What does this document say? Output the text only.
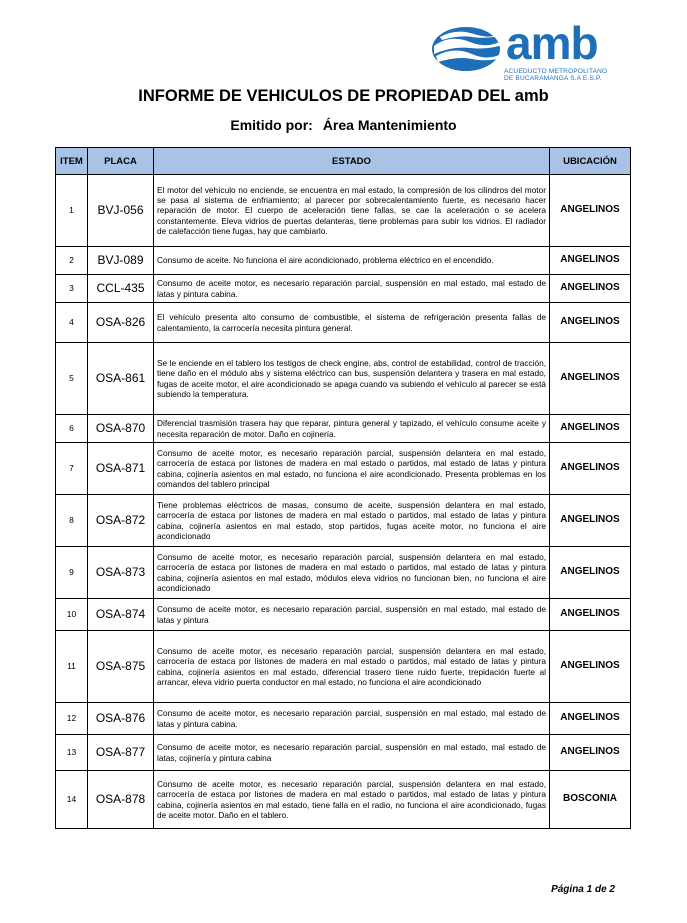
amb
ACUEDUCTO METROPOLITANO
DE BUCARAMANGA S.A E.S.P.
INFORME DE VEHICULOS DE PROPIEDAD DEL amb
Emitido por: Área Mantenimiento
ITEM	PLACA	ESTADO	UBICACIÓN
1	BVJ-056	El motor del vehículo no enciende, se encuentra en mal estado, la compresión de los cilindros del motor se pasa al sistema de enfriamiento; al parecer por sobrecalentamiento fuerte, es necesario hacer reparación de motor. El cuerpo de aceleración tiene fallas, se cae la aceleración o se acelera constantemente. Eleva vidrios de puertas delanteras, tiene problemas para subir los vidrios. El radiador de calefacción tiene fugas, hay que cambiarlo.	ANGELINOS
2	BVJ-089	Consumo de aceite. No funciona el aire acondicionado, problema eléctrico en el encendido.	ANGELINOS
3	CCL-435	Consumo de aceite motor, es necesario reparación parcial, suspensión en mal estado, mal estado de latas y pintura cabina.	ANGELINOS
4	OSA-826	El vehículo presenta alto consumo de combustible, el sistema de refrigeración presenta fallas de calentamiento, la carrocería necesita pintura general.	ANGELINOS
5	OSA-861	Se le enciende en el tablero los testigos de check engine, abs, control de estabilidad, control de tracción, tiene daño en el módulo abs y sistema eléctrico can bus, suspensión delantera y trasera en mal estado, fugas de aceite motor, el aire acondicionado se apaga cuando va subiendo el vehículo al parecer se está subiendo la temperatura.	ANGELINOS
6	OSA-870	Diferencial trasmisión trasera hay que reparar, pintura general y tapizado, el vehículo consume aceite y necesita reparación de motor. Daño en cojinería.	ANGELINOS
7	OSA-871	Consumo de aceite motor, es necesario reparación parcial, suspensión delantera en mal estado, carrocería de estaca por listones de madera en mal estado o partidos, mal estado de latas y pintura cabina, cojinería asientos en mal estado, no funciona el aire acondicionado. Presenta problemas en los comandos del tablero principal	ANGELINOS
8	OSA-872	Tiene problemas eléctricos de masas, consumo de aceite, suspensión delantera en mal estado, carrocería de estaca por listones de madera en mal estado o partidos, mal estado de latas y pintura cabina, cojinería asientos en mal estado, stop partidos, fugas aceite motor, no funciona el aire acondicionado	ANGELINOS
9	OSA-873	Consumo de aceite motor, es necesario reparación parcial, suspensión delantera en mal estado, carrocería de estaca por listones de madera en mal estado o partidos, mal estado de latas y pintura cabina, cojinería asientos en mal estado, módulos eleva vidrios no funcionan bien, no funciona el aire acondicionado	ANGELINOS
10	OSA-874	Consumo de aceite motor, es necesario reparación parcial, suspensión en mal estado, mal estado de latas y pintura	ANGELINOS
11	OSA-875	Consumo de aceite motor, es necesario reparación parcial, suspensión delantera en mal estado, carrocería de estaca por listones de madera en mal estado o partidos, mal estado de latas y pintura cabina, cojinería asientos en mal estado, diferencial trasero tiene ruido fuerte, trepidación fuerte al arrancar, eleva vidrio puerta conductor en mal estado, no funciona el aire acondicionado	ANGELINOS
12	OSA-876	Consumo de aceite motor, es necesario reparación parcial, suspensión en mal estado, mal estado de latas y pintura cabina.	ANGELINOS
13	OSA-877	Consumo de aceite motor, es necesario reparación parcial, suspensión en mal estado, mal estado de latas, cojinería y pintura cabina	ANGELINOS
14	OSA-878	Consumo de aceite motor, es necesario reparación parcial, suspensión delantera en mal estado, carrocería de estaca por listones de madera en mal estado o partidos, mal estado de latas y pintura cabina, cojinería asientos en mal estado, tiene falla en el radio, no funciona el aire acondicionado, fugas de aceite motor. Daño en el tablero.	BOSCONIA
Página 1 de 2
